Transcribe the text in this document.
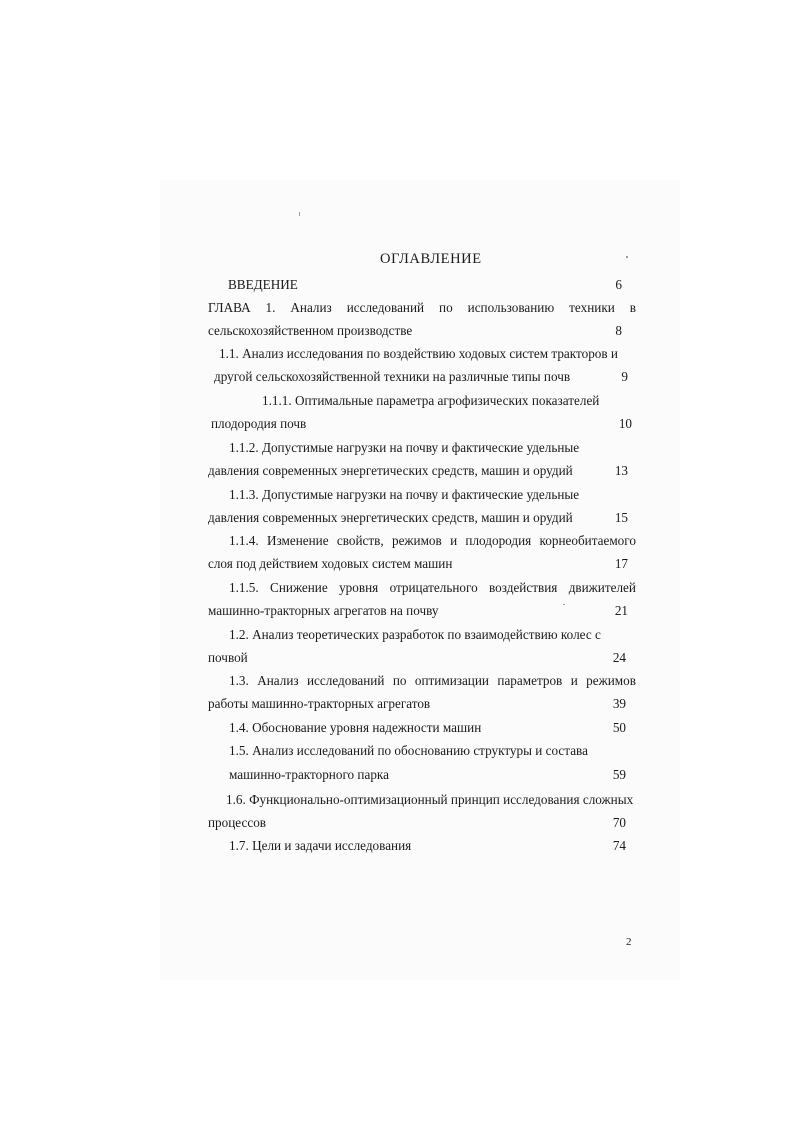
ОГЛАВЛЕНИЕ
ВВЕДЕНИЕ	6
ГЛАВА 1. Анализ исследований по использованию техники в
сельскохозяйственном производстве	8
1.1. Анализ исследования по воздействию ходовых систем тракторов и
другой сельскохозяйственной техники на различные типы почв	9
1.1.1. Оптимальные параметра агрофизических показателей
плодородия почв	10
1.1.2. Допустимые нагрузки на почву и фактические удельные
давления современных энергетических средств, машин и орудий	13
1.1.3. Допустимые нагрузки на почву и фактические удельные
давления современных энергетических средств, машин и орудий	15
1.1.4. Изменение свойств, режимов и плодородия корнеобитаемого
слоя под действием ходовых систем машин	17
1.1.5. Снижение уровня отрицательного воздействия движителей
машинно-тракторных агрегатов на почву	21
1.2. Анализ теоретических разработок по взаимодействию колес с
почвой	24
1.3. Анализ исследований по оптимизации параметров и режимов
работы машинно-тракторных агрегатов	39
1.4. Обоснование уровня надежности машин	50
1.5. Анализ исследований по обоснованию структуры и состава
машинно-тракторного парка	59
1.6. Функционально-оптимизационный принцип исследования сложных
процессов	70
1.7. Цели и задачи исследования	74
2
